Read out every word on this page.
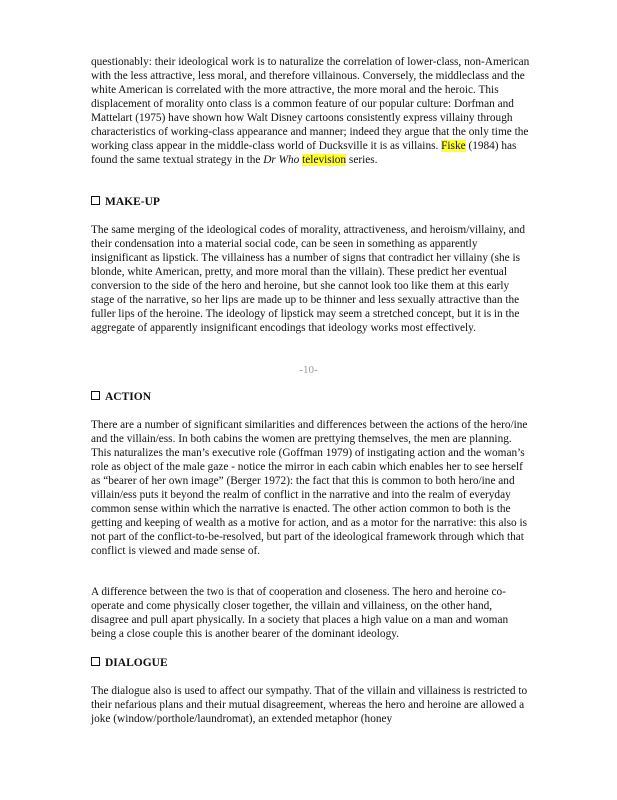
questionably: their ideological work is to naturalize the correlation of lower-class, non-American with the less attractive, less moral, and therefore villainous. Conversely, the middleclass and the white American is correlated with the more attractive, the more moral and the heroic. This displacement of morality onto class is a common feature of our popular culture: Dorfman and Mattelart (1975) have shown how Walt Disney cartoons consistently express villainy through characteristics of working-class appearance and manner; indeed they argue that the only time the working class appear in the middle-class world of Ducksville it is as villains. Fiske (1984) has found the same textual strategy in the Dr Who television series.

MAKE-UP

The same merging of the ideological codes of morality, attractiveness, and heroism/villainy, and their condensation into a material social code, can be seen in something as apparently insignificant as lipstick. The villainess has a number of signs that contradict her villainy (she is blonde, white American, pretty, and more moral than the villain). These predict her eventual conversion to the side of the hero and heroine, but she cannot look too like them at this early stage of the narrative, so her lips are made up to be thinner and less sexually attractive than the fuller lips of the heroine. The ideology of lipstick may seem a stretched concept, but it is in the aggregate of apparently insignificant encodings that ideology works most effectively.

-10-
ACTION

There are a number of significant similarities and differences between the actions of the hero/ine and the villain/ess. In both cabins the women are prettying themselves, the men are planning. This naturalizes the man’s executive role (Goffman 1979) of instigating action and the woman’s role as object of the male gaze - notice the mirror in each cabin which enables her to see herself as “bearer of her own image” (Berger 1972): the fact that this is common to both hero/ine and villain/ess puts it beyond the realm of conflict in the narrative and into the realm of everyday common sense within which the narrative is enacted. The other action common to both is the getting and keeping of wealth as a motive for action, and as a motor for the narrative: this also is not part of the conflict-to-be-resolved, but part of the ideological framework through which that conflict is viewed and made sense of.

A difference between the two is that of cooperation and closeness. The hero and heroine co-operate and come physically closer together, the villain and villainess, on the other hand, disagree and pull apart physically. In a society that places a high value on a man and woman being a close couple this is another bearer of the dominant ideology.

DIALOGUE

The dialogue also is used to affect our sympathy. That of the villain and villainess is restricted to their nefarious plans and their mutual disagreement, whereas the hero and heroine are allowed a joke (window/porthole/laundromat), an extended metaphor (honey
